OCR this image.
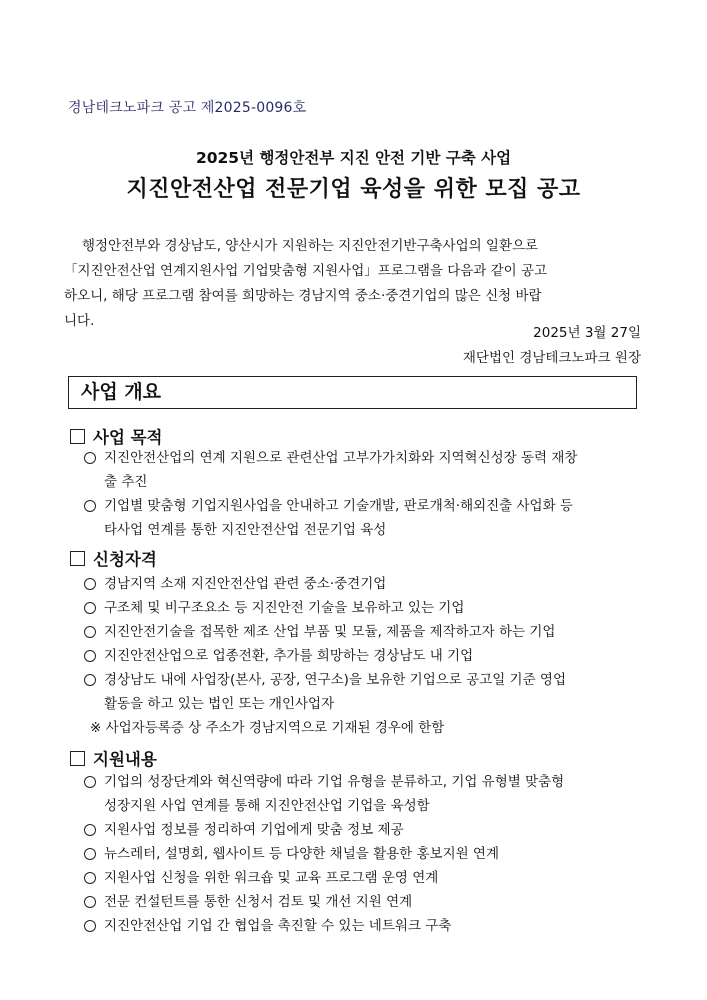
경남테크노파크 공고 제2025-0096호
2025년 행정안전부 지진 안전 기반 구축 사업
지진안전산업 전문기업 육성을 위한 모집 공고
행정안전부와 경상남도, 양산시가 지원하는 지진안전기반구축사업의 일환으로
「지진안전산업 연계지원사업 기업맞춤형 지원사업」프로그램을 다음과 같이 공고
하오니, 해당 프로그램 참여를 희망하는 경남지역 중소·중견기업의 많은 신청 바랍
니다.
2025년 3월 27일
재단법인 경남테크노파크 원장
사업 개요
사업 목적
지진안전산업의 연계 지원으로 관련산업 고부가가치화와 지역혁신성장 동력 재창
출 추진
기업별 맞춤형 기업지원사업을 안내하고 기술개발, 판로개척·해외진출 사업화 등
타사업 연계를 통한 지진안전산업 전문기업 육성
신청자격
경남지역 소재 지진안전산업 관련 중소·중견기업
구조체 및 비구조요소 등 지진안전 기술을 보유하고 있는 기업
지진안전기술을 접목한 제조 산업 부품 및 모듈, 제품을 제작하고자 하는 기업
지진안전산업으로 업종전환, 추가를 희망하는 경상남도 내 기업
경상남도 내에 사업장(본사, 공장, 연구소)을 보유한 기업으로 공고일 기준 영업
활동을 하고 있는 법인 또는 개인사업자
※ 사업자등록증 상 주소가 경남지역으로 기재된 경우에 한함
지원내용
기업의 성장단계와 혁신역량에 따라 기업 유형을 분류하고, 기업 유형별 맞춤형
성장지원 사업 연계를 통해 지진안전산업 기업을 육성함
지원사업 정보를 정리하여 기업에게 맞춤 정보 제공
뉴스레터, 설명회, 웹사이트 등 다양한 채널을 활용한 홍보지원 연계
지원사업 신청을 위한 워크숍 및 교육 프로그램 운영 연계
전문 컨설턴트를 통한 신청서 검토 및 개선 지원 연계
지진안전산업 기업 간 협업을 촉진할 수 있는 네트워크 구축
